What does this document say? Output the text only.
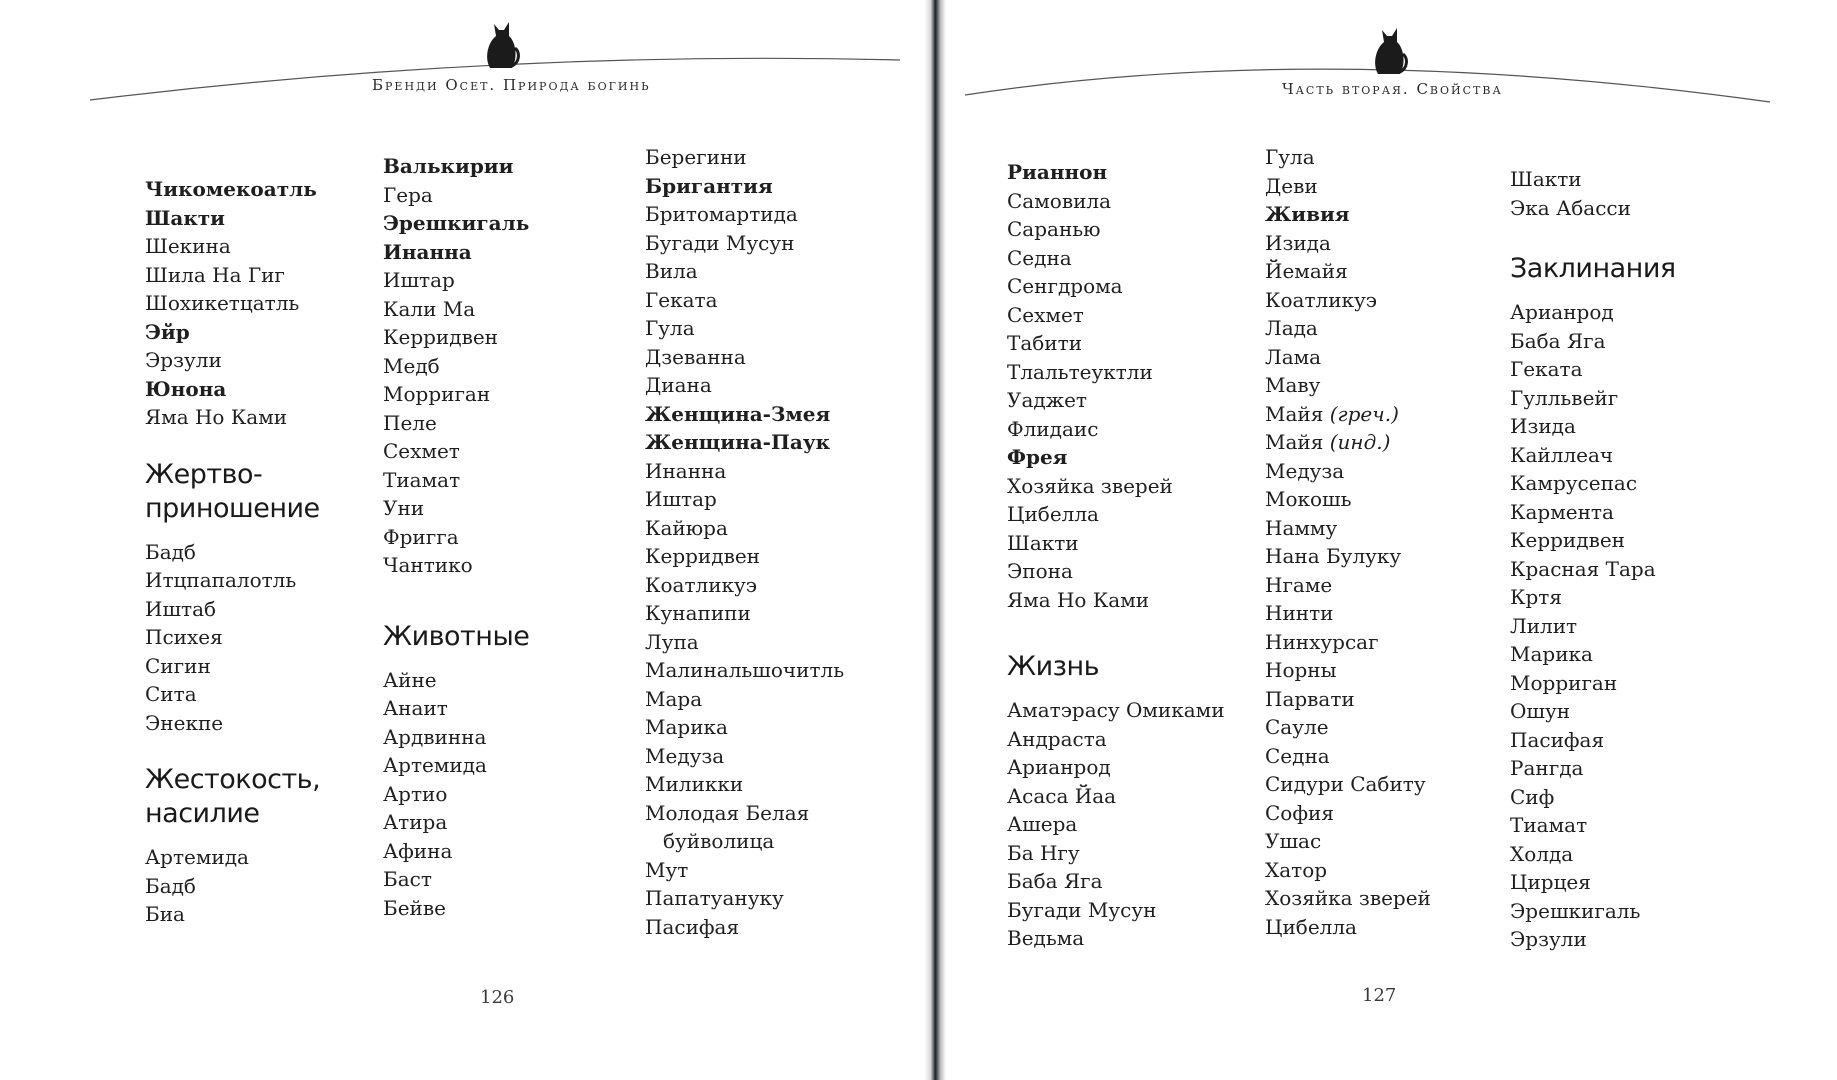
Бренди Осет. Природа богинь
Чикомекоатль
Шакти
Шекина
Шила На Гиг
Шохикетцатль
Эйр
Эрзули
Юнона
Яма Но Ками
Жертво-приношение
Бадб
Итцпапалотль
Иштаб
Психея
Сигин
Сита
Энекпе
Жестокость, насилие
Артемида
Бадб
Биа
Валькирии
Гера
Эрешкигаль
Инанна
Иштар
Кали Ма
Керридвен
Медб
Морриган
Пеле
Сехмет
Тиамат
Уни
Фригга
Чантико
Животные
Айне
Анаит
Ардвинна
Артемида
Артио
Атира
Афина
Баст
Бейве
Берегини
Бригантия
Бритомартида
Бугади Мусун
Вила
Геката
Гула
Дзеванна
Диана
Женщина-Змея
Женщина-Паук
Инанна
Иштар
Кайюра
Керридвен
Коатликуэ
Кунапипи
Лупа
Малинальшочитль
Мара
Марика
Медуза
Миликки
Молодая Белая
буйволица
Мут
Папатуануку
Пасифая
126
Часть вторая. Свойства
Рианнон
Самовила
Саранью
Седна
Сенгдрома
Сехмет
Табити
Тлальтеуктли
Уаджет
Флидаис
Фрея
Хозяйка зверей
Цибелла
Шакти
Эпона
Яма Но Ками
Жизнь
Аматэрасу Омиками
Андраста
Арианрод
Асаса Йаа
Ашера
Ба Нгу
Баба Яга
Бугади Мусун
Ведьма
Гула
Деви
Живия
Изида
Йемайя
Коатликуэ
Лада
Лама
Маву
Майя (греч.)
Майя (инд.)
Медуза
Мокошь
Намму
Нана Булуку
Нгаме
Нинти
Нинхурсаг
Норны
Парвати
Сауле
Седна
Сидури Сабиту
София
Ушас
Хатор
Хозяйка зверей
Цибелла
Шакти
Эка Абасси
Заклинания
Арианрод
Баба Яга
Геката
Гулльвейг
Изида
Кайллеач
Камрусепас
Кармента
Керридвен
Красная Тара
Кртя
Лилит
Марика
Морриган
Ошун
Пасифая
Рангда
Сиф
Тиамат
Холда
Цирцея
Эрешкигаль
Эрзули
127
